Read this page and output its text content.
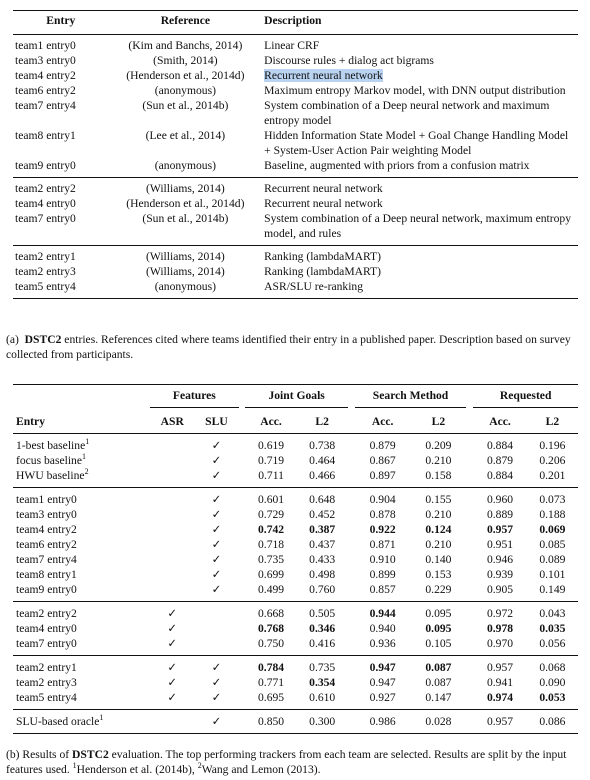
Entry	Reference	Description
team1 entry0	(Kim and Banchs, 2014)	Linear CRF
team3 entry0	(Smith, 2014)	Discourse rules + dialog act bigrams
team4 entry2	(Henderson et al., 2014d)	Recurrent neural network
team6 entry2	(anonymous)	Maximum entropy Markov model, with DNN output distribution
team7 entry4	(Sun et al., 2014b)	System combination of a Deep neural network and maximum entropy model
team8 entry1	(Lee et al., 2014)	Hidden Information State Model + Goal Change Handling Model + System-User Action Pair weighting Model
team9 entry0	(anonymous)	Baseline, augmented with priors from a confusion matrix
team2 entry2	(Williams, 2014)	Recurrent neural network
team4 entry0	(Henderson et al., 2014d)	Recurrent neural network
team7 entry0	(Sun et al., 2014b)	System combination of a Deep neural network, maximum entropy model, and rules
team2 entry1	(Williams, 2014)	Ranking (lambdaMART)
team2 entry3	(Williams, 2014)	Ranking (lambdaMART)
team5 entry4	(anonymous)	ASR/SLU re-ranking
(a) DSTC2 entries. References cited where teams identified their entry in a published paper. Description based on survey collected from participants.
	Features			Joint Goals			Search Method			Requested	
Entry	ASR	SLU		Acc.	L2		Acc.	L2		Acc.	L2
1-best baseline$^1$		✓		0.619	0.738		0.879	0.209		0.884	0.196
focus baseline$^1$		✓		0.719	0.464		0.867	0.210		0.879	0.206
HWU baseline$^2$		✓		0.711	0.466		0.897	0.158		0.884	0.201
team1 entry0		✓		0.601	0.648		0.904	0.155		0.960	0.073
team3 entry0		✓		0.729	0.452		0.878	0.210		0.889	0.188
team4 entry2		✓		0.742	0.387		0.922	0.124		0.957	0.069
team6 entry2		✓		0.718	0.437		0.871	0.210		0.951	0.085
team7 entry4		✓		0.735	0.433		0.910	0.140		0.946	0.089
team8 entry1		✓		0.699	0.498		0.899	0.153		0.939	0.101
team9 entry0		✓		0.499	0.760		0.857	0.229		0.905	0.149
team2 entry2	✓			0.668	0.505		0.944	0.095		0.972	0.043
team4 entry0	✓			0.768	0.346		0.940	0.095		0.978	0.035
team7 entry0	✓			0.750	0.416		0.936	0.105		0.970	0.056
team2 entry1	✓	✓		0.784	0.735		0.947	0.087		0.957	0.068
team2 entry3	✓	✓		0.771	0.354		0.947	0.087		0.941	0.090
team5 entry4	✓	✓		0.695	0.610		0.927	0.147		0.974	0.053
SLU-based oracle$^1$		✓		0.850	0.300		0.986	0.028		0.957	0.086
(b) Results of DSTC2 evaluation. The top performing trackers from each team are selected. Results are split by the input features used. $^1$Henderson et al. (2014b), $^2$Wang and Lemon (2013).
